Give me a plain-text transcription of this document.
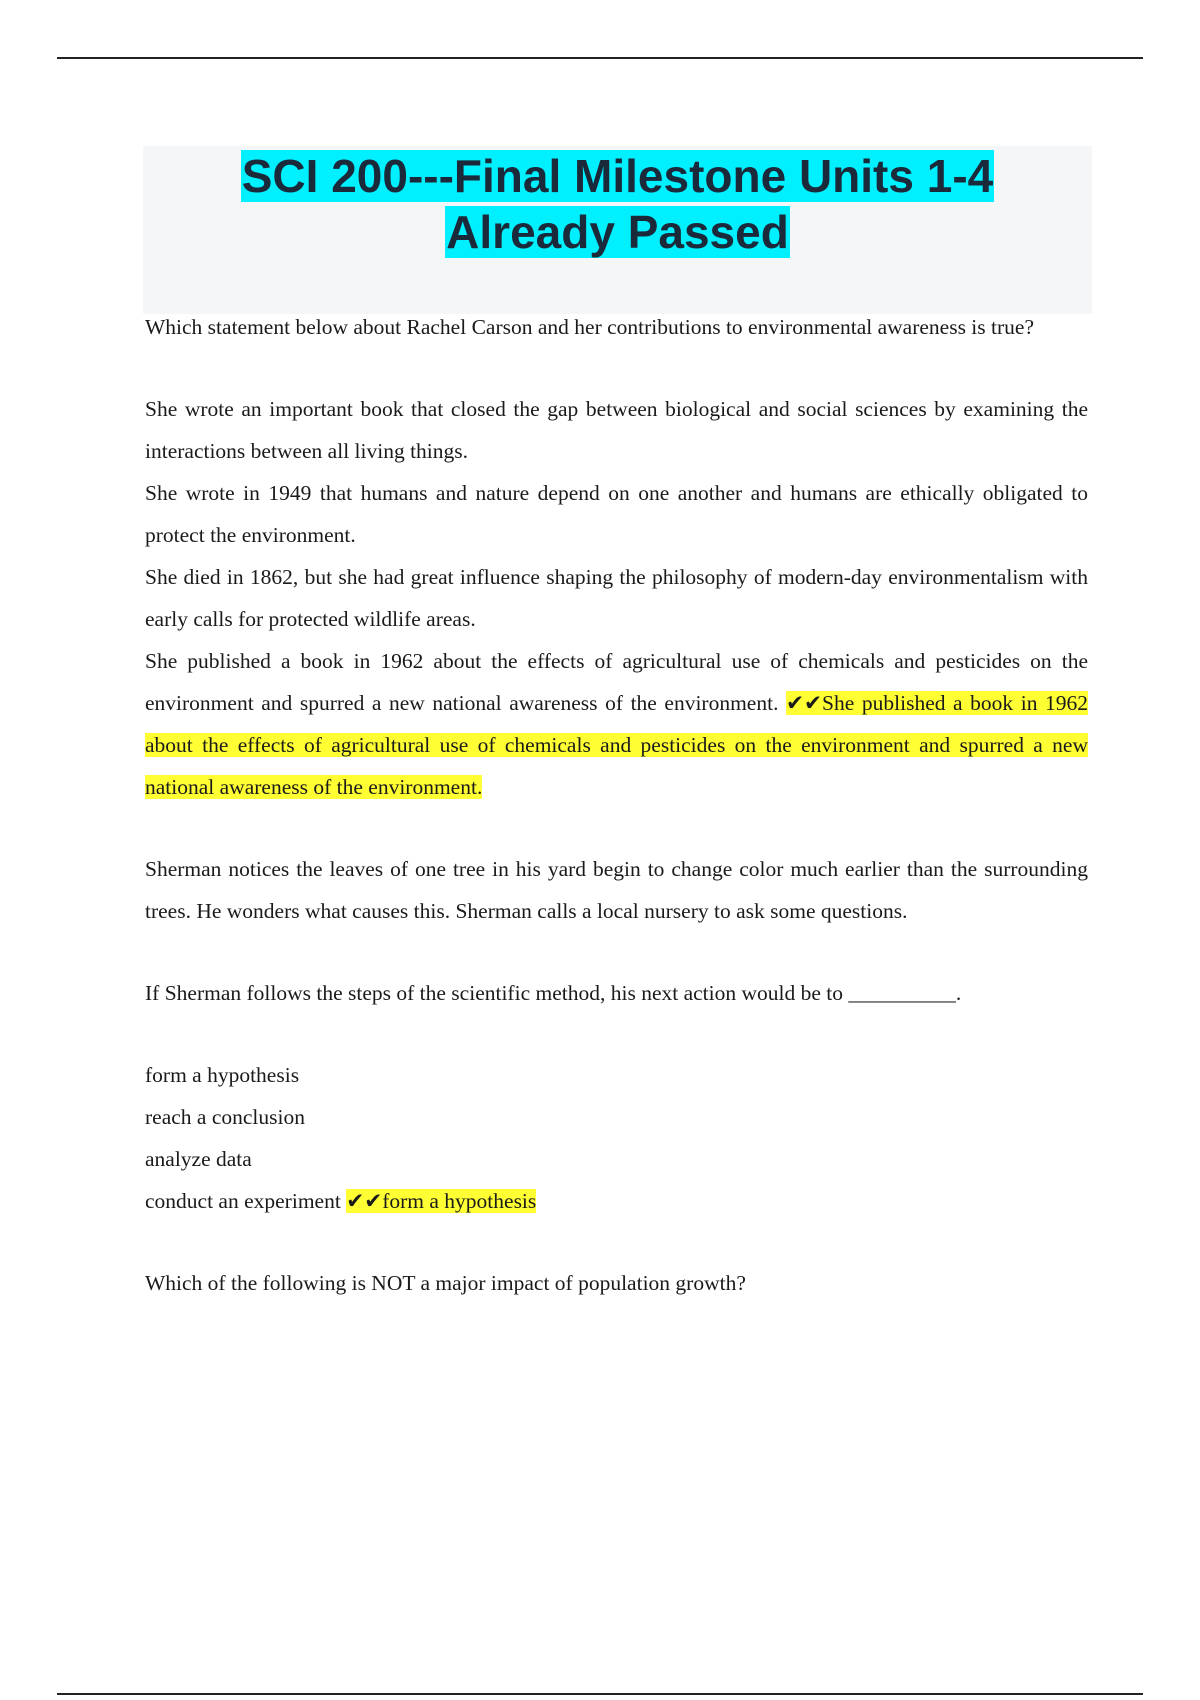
SCI 200---Final Milestone Units 1-4
Already Passed

Which statement below about Rachel Carson and her contributions to environmental awareness is true?

She wrote an important book that closed the gap between biological and social sciences by examining the interactions between all living things.

She wrote in 1949 that humans and nature depend on one another and humans are ethically obligated to protect the environment.

She died in 1862, but she had great influence shaping the philosophy of modern-day environmentalism with early calls for protected wildlife areas.

She published a book in 1962 about the effects of agricultural use of chemicals and pesticides on the environment and spurred a new national awareness of the environment. ✔✔She published a book in 1962 about the effects of agricultural use of chemicals and pesticides on the environment and spurred a new national awareness of the environment.

Sherman notices the leaves of one tree in his yard begin to change color much earlier than the surrounding trees. He wonders what causes this. Sherman calls a local nursery to ask some questions.

If Sherman follows the steps of the scientific method, his next action would be to __________.

form a hypothesis
reach a conclusion
analyze data
conduct an experiment ✔✔form a hypothesis

Which of the following is NOT a major impact of population growth?
